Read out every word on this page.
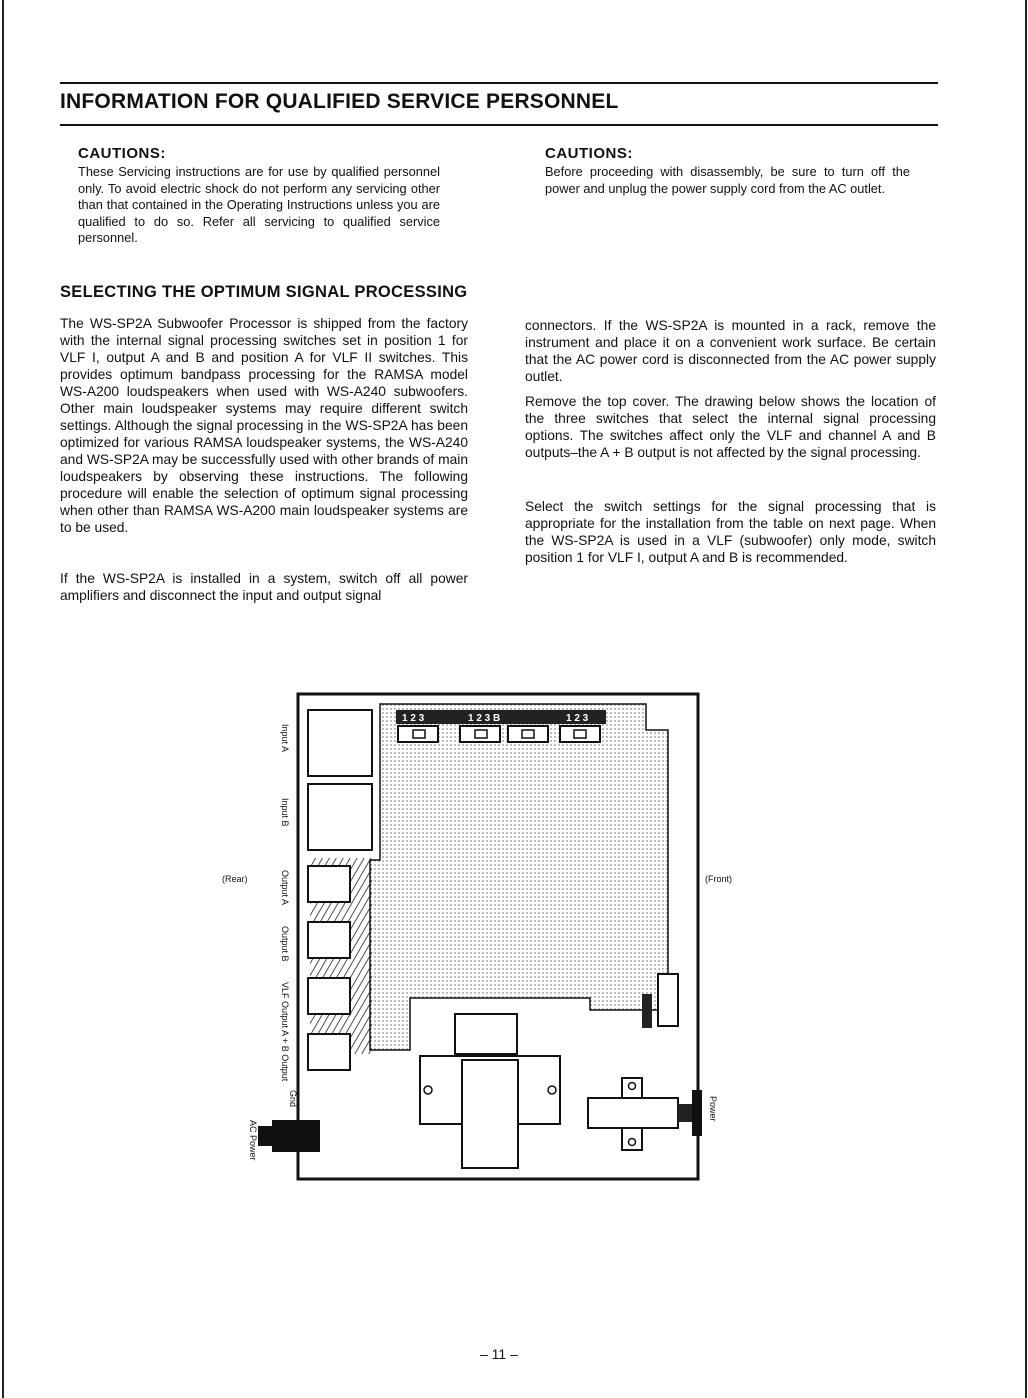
INFORMATION FOR QUALIFIED SERVICE PERSONNEL
CAUTIONS:
These Servicing instructions are for use by qualified personnel only. To avoid electric shock do not perform any servicing other than that contained in the Operating Instructions unless you are qualified to do so. Refer all servicing to qualified service personnel.
CAUTIONS:
Before proceeding with disassembly, be sure to turn off the power and unplug the power supply cord from the AC outlet.
SELECTING THE OPTIMUM SIGNAL PROCESSING

The WS-SP2A Subwoofer Processor is shipped from the factory with the internal signal processing switches set in position 1 for VLF I, output A and B and position A for VLF II switches. This provides optimum bandpass processing for the RAMSA model WS-A200 loudspeakers when used with WS-A240 subwoofers. Other main loudspeaker systems may require different switch settings. Although the signal processing in the WS-SP2A has been optimized for various RAMSA loudspeaker systems, the WS-A240 and WS-SP2A may be successfully used with other brands of main loudspeakers by observing these instructions. The following procedure will enable the selection of optimum signal processing when other than RAMSA WS-A200 main loudspeaker systems are to be used.

If the WS-SP2A is installed in a system, switch off all power amplifiers and disconnect the input and output signal

connectors. If the WS-SP2A is mounted in a rack, remove the instrument and place it on a convenient work surface. Be certain that the AC power cord is disconnected from the AC power supply outlet.

Remove the top cover. The drawing below shows the location of the three switches that select the internal signal processing options. The switches affect only the VLF and channel A and B outputs–the A + B output is not affected by the signal processing.

Select the switch settings for the signal processing that is appropriate for the installation from the table on next page. When the WS-SP2A is used in a VLF (subwoofer) only mode, switch position 1 for VLF I, output A and B is recommended.

1 2 3	1 2 3 B	1 2 3
(Rear)	(Front)
Input A
Input B
Output A
Output B
VLF Output
A + B Output
Gnd
AC Power
Power
– 11 –
